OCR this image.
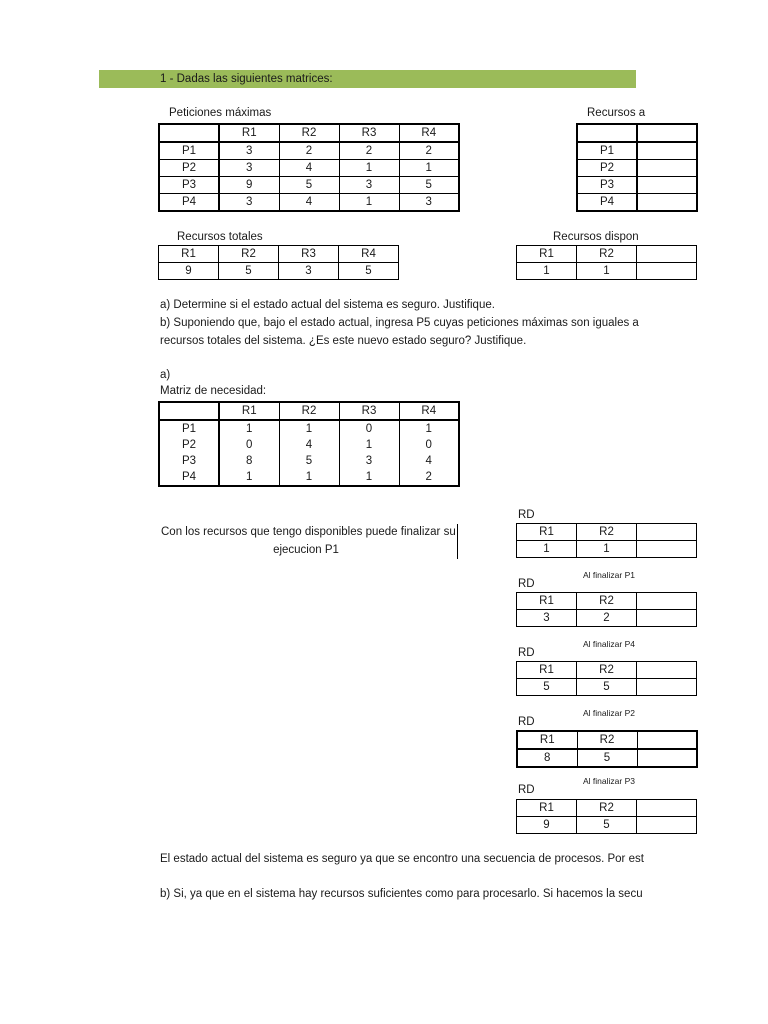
1 - Dadas las siguientes matrices:
Peticiones máximas
	R1	R2	R3	R4
P1	3	2	2	2
P2	3	4	1	1
P3	9	5	3	5
P4	3	4	1	3
Recursos a

P1	
P2	
P3	
P4	
Recursos totales
R1	R2	R3	R4
9	5	3	5
Recursos dispon
R1	R2	
1	1	
a) Determine si el estado actual del sistema es seguro. Justifique.
b) Suponiendo que, bajo el estado actual, ingresa P5 cuyas peticiones máximas son iguales a
recursos totales del sistema. ¿Es este nuevo estado seguro? Justifique.
a)
Matriz de necesidad:
	R1	R2	R3	R4
P1	1	1	0	1
P2	0	4	1	0
P3	8	5	3	4
P4	1	1	1	2
Con los recursos que tengo disponibles puede finalizar su
ejecucion P1
RD
R1	R2	
1	1	
Al finalizar P1
RD
R1	R2	
3	2	
Al finalizar P4
RD
R1	R2	
5	5	
Al finalizar P2
RD
R1	R2	
8	5	
Al finalizar P3
RD
R1	R2	
9	5	
El estado actual del sistema es seguro ya que se encontro una secuencia de procesos. Por est
b) Si, ya que en el sistema hay recursos suficientes como para procesarlo. Si hacemos la secu
